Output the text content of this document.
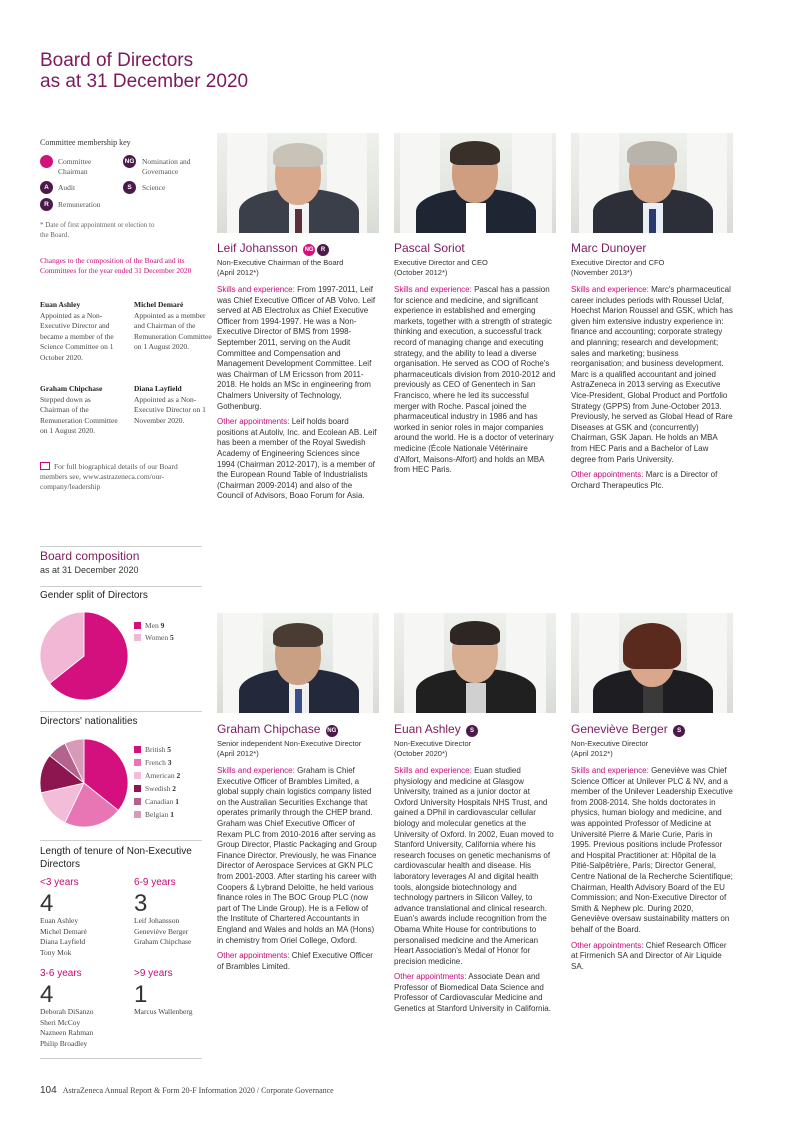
Board of Directors
as at 31 December 2020
Committee membership key
Committee Chairman
NG Nomination and Governance
A	Audit	S	Science
R	Remuneration
* Date of first appointment or election to the Board.
Changes to the composition of the Board and its Committees for the year ended 31 December 2020
Euan Ashley
Appointed as a Non-Executive Director and became a member of the Science Committee on 1 October 2020.
Michel Demaré
Appointed as a member and Chairman of the Remuneration Committee on 1 August 2020.
Graham Chipchase
Stepped down as Chairman of the Remuneration Committee on 1 August 2020.
Diana Layfield
Appointed as a Non-Executive Director on 1 November 2020.
For full biographical details of our Board members see, www.astrazeneca.com/our-company/leadership
Board composition
as at 31 December 2020
Gender split of Directors
Men 9
Women 5
Directors' nationalities
British 5
French 3
American 2
Swedish 2
Canadian 1
Belgian 1
Length of tenure of Non-Executive Directors
<3 years
4
Euan Ashley
Michel Demaré
Diana Layfield
Tony Mok
6-9 years
3
Leif Johansson
Geneviève Berger
Graham Chipchase
3-6 years
4
Deborah DiSanzo
Sheri McCoy
Nazneen Rahman
Philip Broadley
>9 years
1
Marcus Wallenberg
Leif Johansson NG R
Non-Executive Chairman of the Board
(April 2012*)

Skills and experience: From 1997-2011, Leif was Chief Executive Officer of AB Volvo. Leif served at AB Electrolux as Chief Executive Officer from 1994-1997. He was a Non-Executive Director of BMS from 1998-September 2011, serving on the Audit Committee and Compensation and Management Development Committee. Leif was Chairman of LM Ericsson from 2011-2018. He holds an MSc in engineering from Chalmers University of Technology, Gothenburg.

Other appointments: Leif holds board positions at Autoliv, Inc. and Ecolean AB. Leif has been a member of the Royal Swedish Academy of Engineering Sciences since 1994 (Chairman 2012-2017), is a member of the European Round Table of Industrialists (Chairman 2009-2014) and also of the Council of Advisors, Boao Forum for Asia.

Pascal Soriot
Executive Director and CEO
(October 2012*)

Skills and experience: Pascal has a passion for science and medicine, and significant experience in established and emerging markets, together with a strength of strategic thinking and execution, a successful track record of managing change and executing strategy, and the ability to lead a diverse organisation. He served as COO of Roche's pharmaceuticals division from 2010-2012 and previously as CEO of Genentech in San Francisco, where he led its successful merger with Roche. Pascal joined the pharmaceutical industry in 1986 and has worked in senior roles in major companies around the world. He is a doctor of veterinary medicine (École Nationale Vétérinaire d'Alfort, Maisons-Alfort) and holds an MBA from HEC Paris.

Marc Dunoyer
Executive Director and CFO
(November 2013*)

Skills and experience: Marc's pharmaceutical career includes periods with Roussel Uclaf, Hoechst Marion Roussel and GSK, which has given him extensive industry experience in: finance and accounting; corporate strategy and planning; research and development; sales and marketing; business reorganisation; and business development. Marc is a qualified accountant and joined AstraZeneca in 2013 serving as Executive Vice-President, Global Product and Portfolio Strategy (GPPS) from June-October 2013. Previously, he served as Global Head of Rare Diseases at GSK and (concurrently) Chairman, GSK Japan. He holds an MBA from HEC Paris and a Bachelor of Law degree from Paris University.

Other appointments: Marc is a Director of Orchard Therapeutics Plc.

Graham Chipchase NG
Senior independent Non-Executive Director
(April 2012*)

Skills and experience: Graham is Chief Executive Officer of Brambles Limited, a global supply chain logistics company listed on the Australian Securities Exchange that operates primarily through the CHEP brand. Graham was Chief Executive Officer of Rexam PLC from 2010-2016 after serving as Group Director, Plastic Packaging and Group Finance Director. Previously, he was Finance Director of Aerospace Services at GKN PLC from 2001-2003. After starting his career with Coopers & Lybrand Deloitte, he held various finance roles in The BOC Group PLC (now part of The Linde Group). He is a Fellow of the Institute of Chartered Accountants in England and Wales and holds an MA (Hons) in chemistry from Oriel College, Oxford.

Other appointments: Chief Executive Officer of Brambles Limited.

Euan Ashley S
Non-Executive Director
(October 2020*)

Skills and experience: Euan studied physiology and medicine at Glasgow University, trained as a junior doctor at Oxford University Hospitals NHS Trust, and gained a DPhil in cardiovascular cellular biology and molecular genetics at the University of Oxford. In 2002, Euan moved to Stanford University, California where his research focuses on genetic mechanisms of cardiovascular health and disease. His laboratory leverages AI and digital health tools, alongside biotechnology and technology partners in Silicon Valley, to advance translational and clinical research. Euan's awards include recognition from the Obama White House for contributions to personalised medicine and the American Heart Association's Medal of Honor for precision medicine.

Other appointments: Associate Dean and Professor of Biomedical Data Science and Professor of Cardiovascular Medicine and Genetics at Stanford University in California.

Geneviève Berger S
Non-Executive Director
(April 2012*)

Skills and experience: Geneviève was Chief Science Officer at Unilever PLC & NV, and a member of the Unilever Leadership Executive from 2008-2014. She holds doctorates in physics, human biology and medicine, and was appointed Professor of Medicine at Université Pierre & Marie Curie, Paris in 1995. Previous positions include Professor and Hospital Practitioner at: Hôpital de la Pitié-Salpêtrière, Paris; Director General, Centre National de la Recherche Scientifique; Chairman, Health Advisory Board of the EU Commission; and Non-Executive Director of Smith & Nephew plc. During 2020, Geneviève oversaw sustainability matters on behalf of the Board.

Other appointments: Chief Research Officer at Firmenich SA and Director of Air Liquide SA.

104 AstraZeneca Annual Report & Form 20-F Information 2020 / Corporate Governance
